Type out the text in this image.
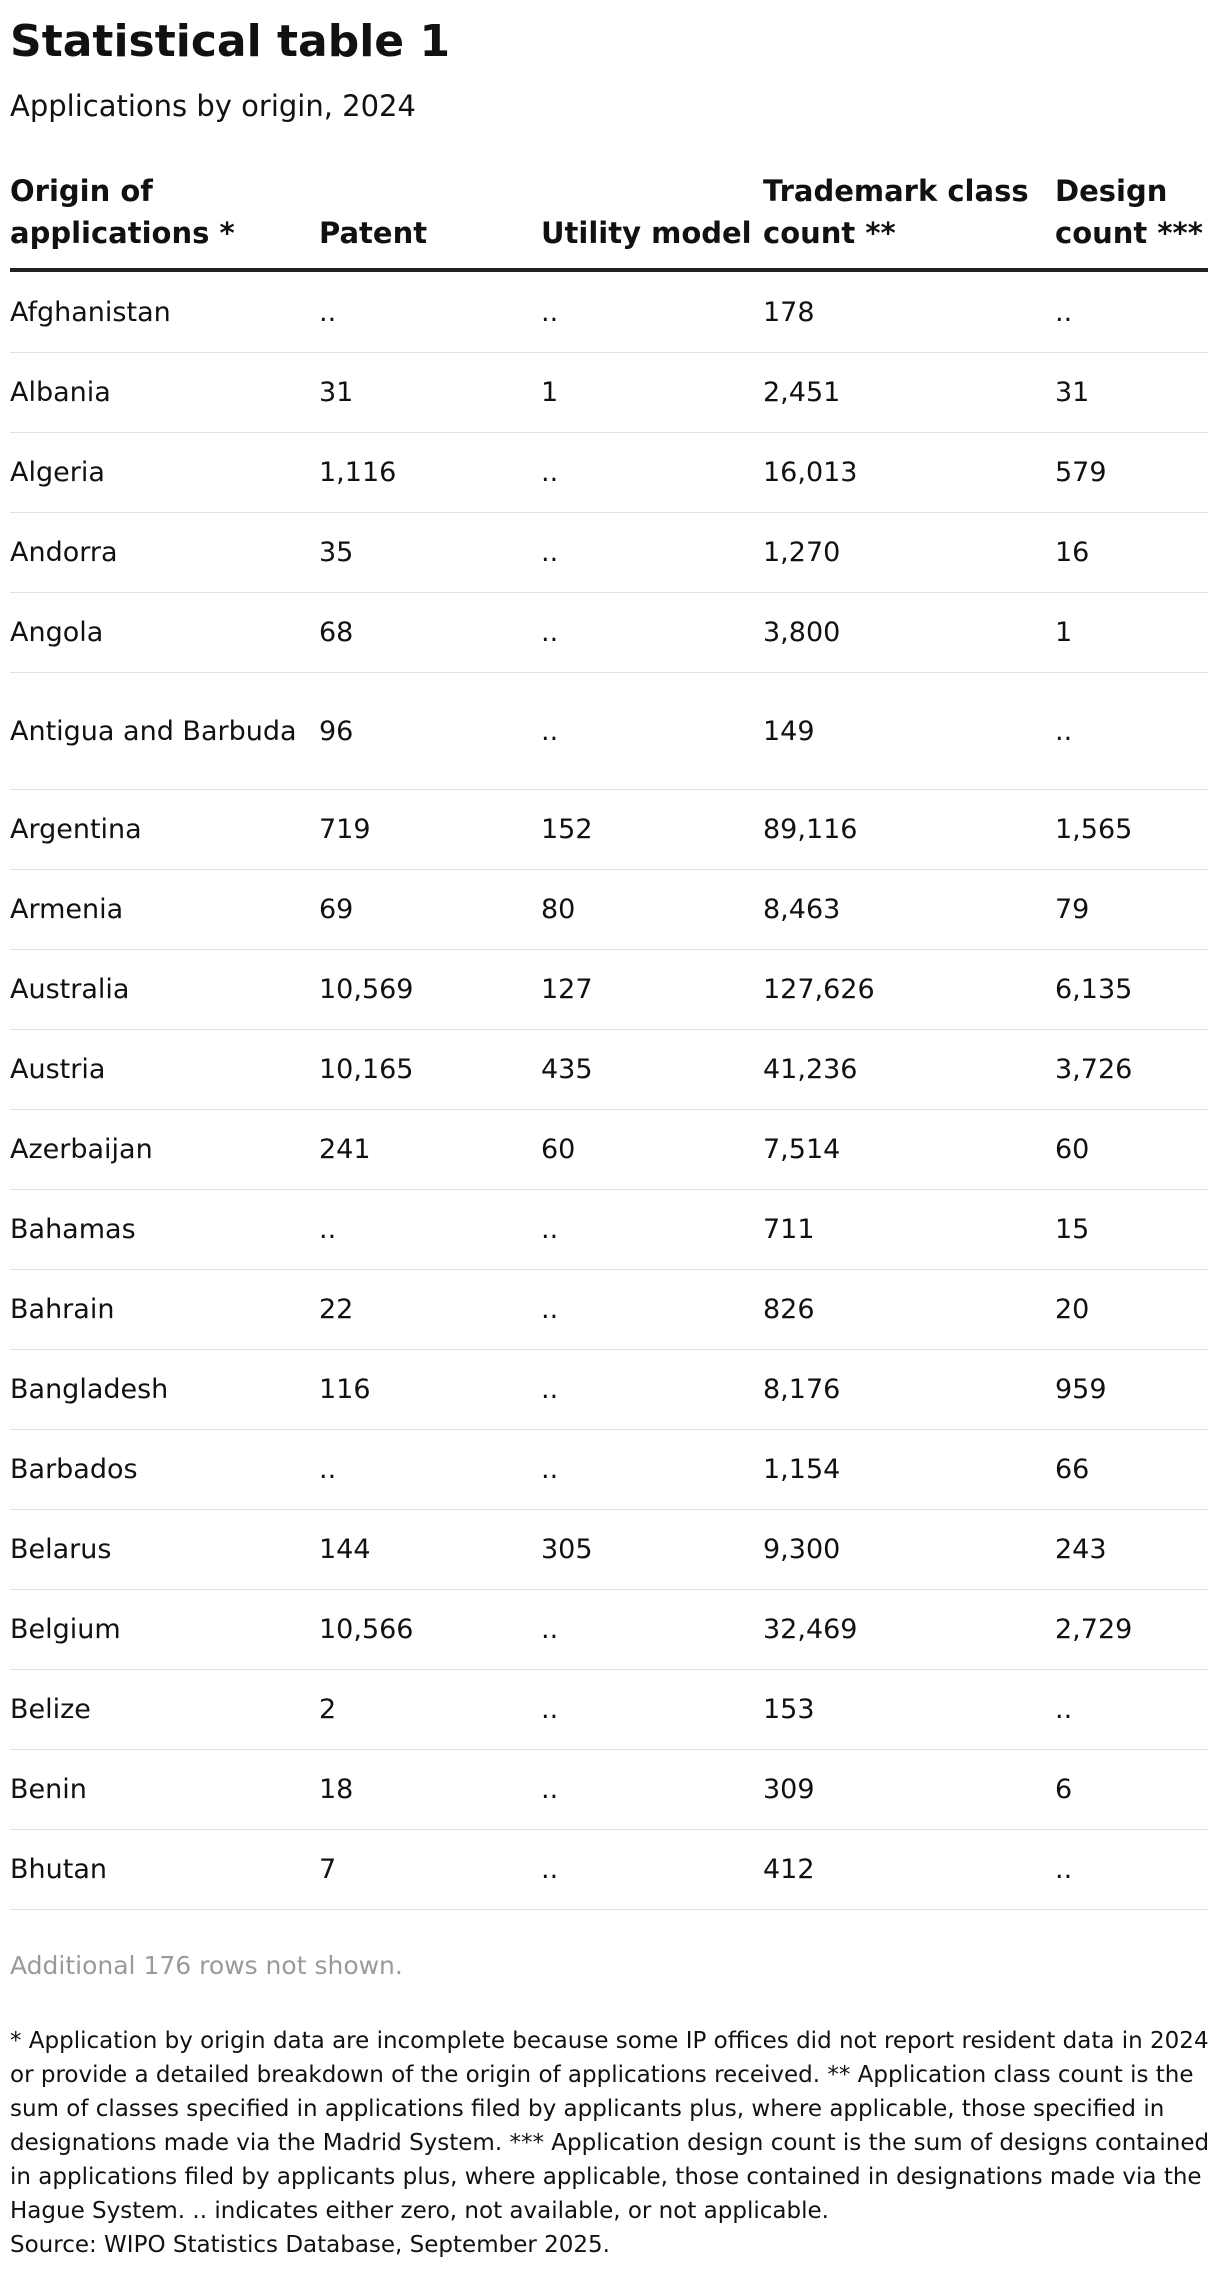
Statistical table 1

Applications by origin, 2024

Origin of applications *	Patent	Utility model	Trademark class count **	Design count ***
Afghanistan	..	..	178	..
Albania	31	1	2,451	31
Algeria	1,116	..	16,013	579
Andorra	35	..	1,270	16
Angola	68	..	3,800	1
Antigua and Barbuda	96	..	149	..
Argentina	719	152	89,116	1,565
Armenia	69	80	8,463	79
Australia	10,569	127	127,626	6,135
Austria	10,165	435	41,236	3,726
Azerbaijan	241	60	7,514	60
Bahamas	..	..	711	15
Bahrain	22	..	826	20
Bangladesh	116	..	8,176	959
Barbados	..	..	1,154	66
Belarus	144	305	9,300	243
Belgium	10,566	..	32,469	2,729
Belize	2	..	153	..
Benin	18	..	309	6
Bhutan	7	..	412	..

Additional 176 rows not shown.

* Application by origin data are incomplete because some IP offices did not report resident data in 2024 or provide a detailed breakdown of the origin of applications received. ** Application class count is the sum of classes specified in applications filed by applicants plus, where applicable, those specified in designations made via the Madrid System. *** Application design count is the sum of designs contained in applications filed by applicants plus, where applicable, those contained in designations made via the Hague System. .. indicates either zero, not available, or not applicable.

Source: WIPO Statistics Database, September 2025.
